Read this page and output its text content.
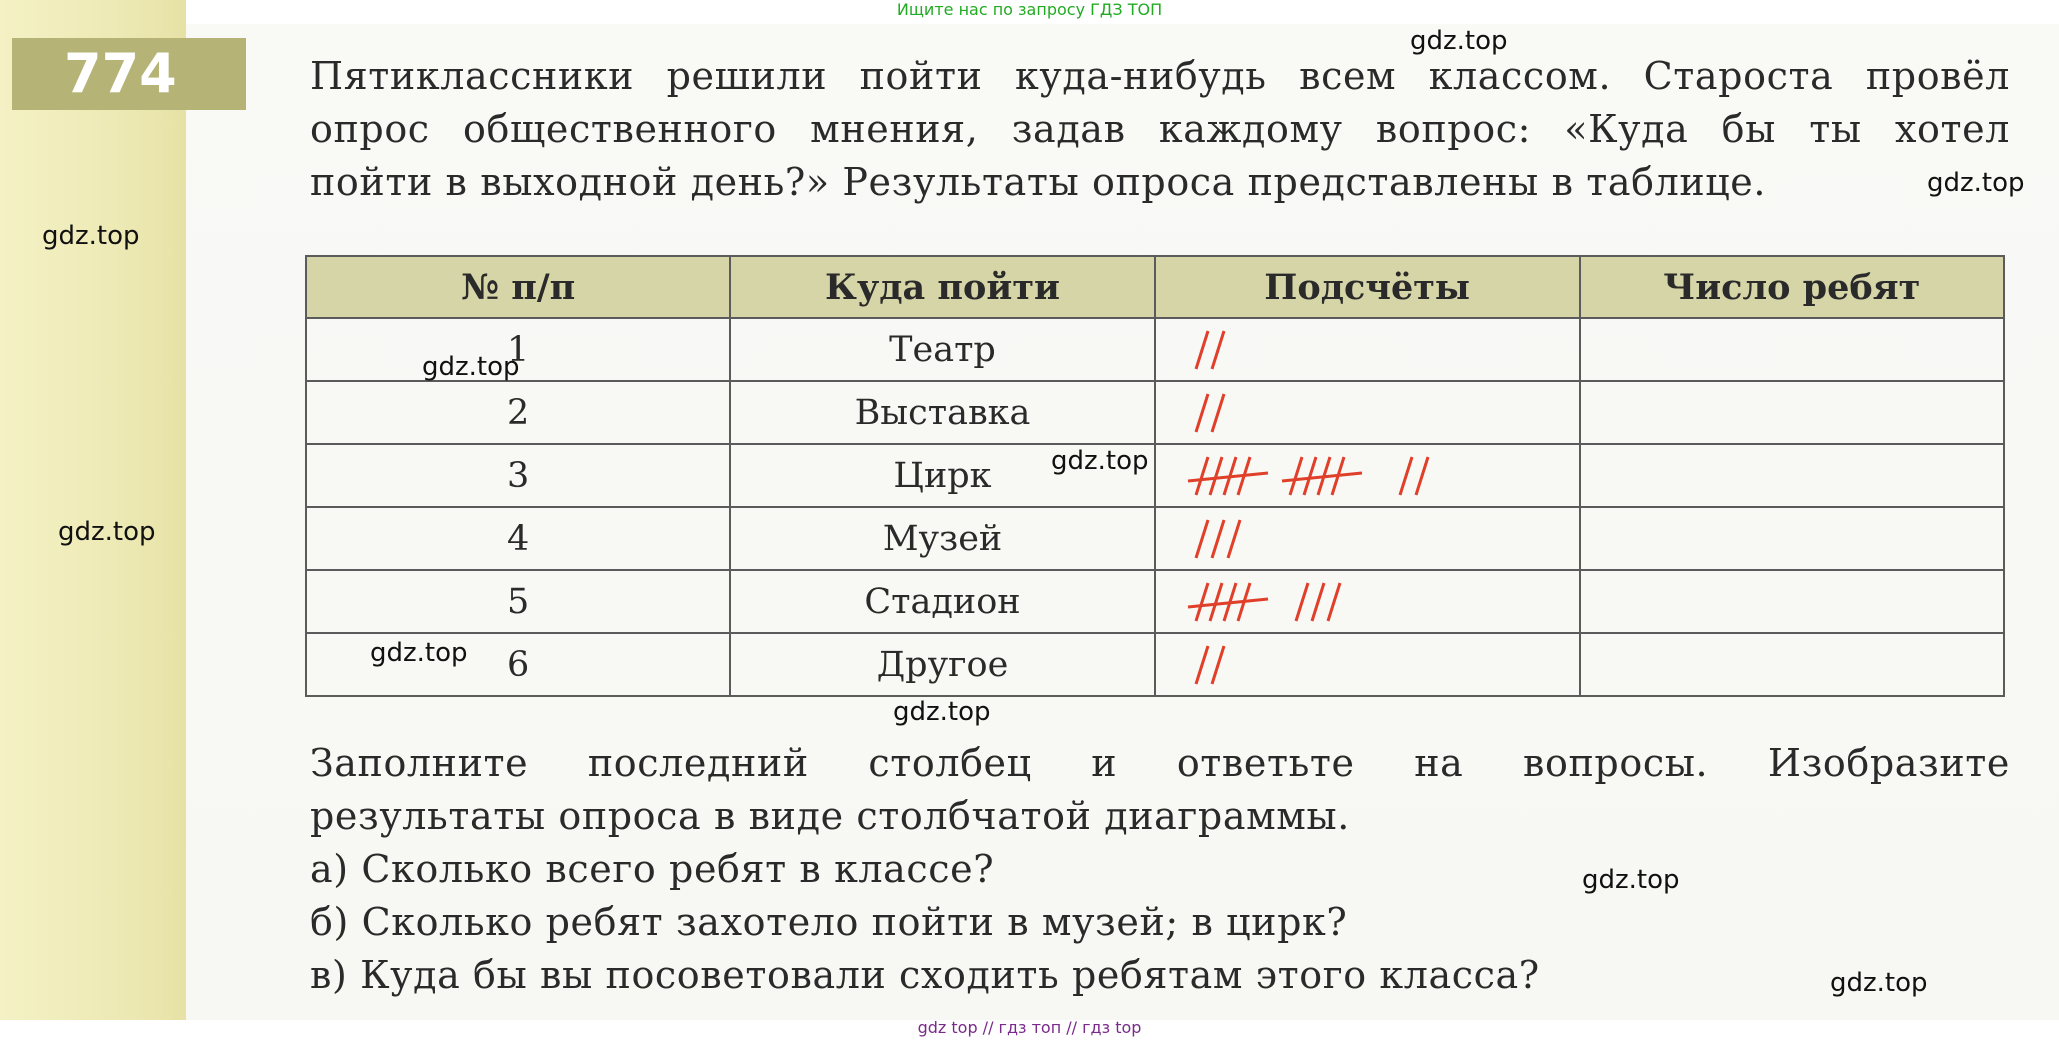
Ищите нас по запросу ГДЗ ТОП
774	Пятиклассники решили пойти куда-нибудь всем классом. Староста провёл
опрос общественного мнения, задав каждому вопрос: «Куда бы ты хотел
пойти в выходной день?» Результаты опроса представлены в таблице.
№ п/п	Куда пойти	Подсчёты	Число ребят
1	Театр	

2	Выставка	

3	Цирк	

4	Музей	

5	Стадион	

6	Другое	

Заполните последний столбец и ответьте на вопросы. Изобразите
результаты опроса в виде столбчатой диаграммы.
а) Сколько всего ребят в классе?
б) Сколько ребят захотело пойти в музей; в цирк?
в) Куда бы вы посоветовали сходить ребятам этого класса?
gdz.top
gdz.top
gdz.top
gdz.top
gdz.top
gdz.top
gdz.top
gdz.top
gdz.top
gdz.top
gdz top // гдз топ // гдз top
